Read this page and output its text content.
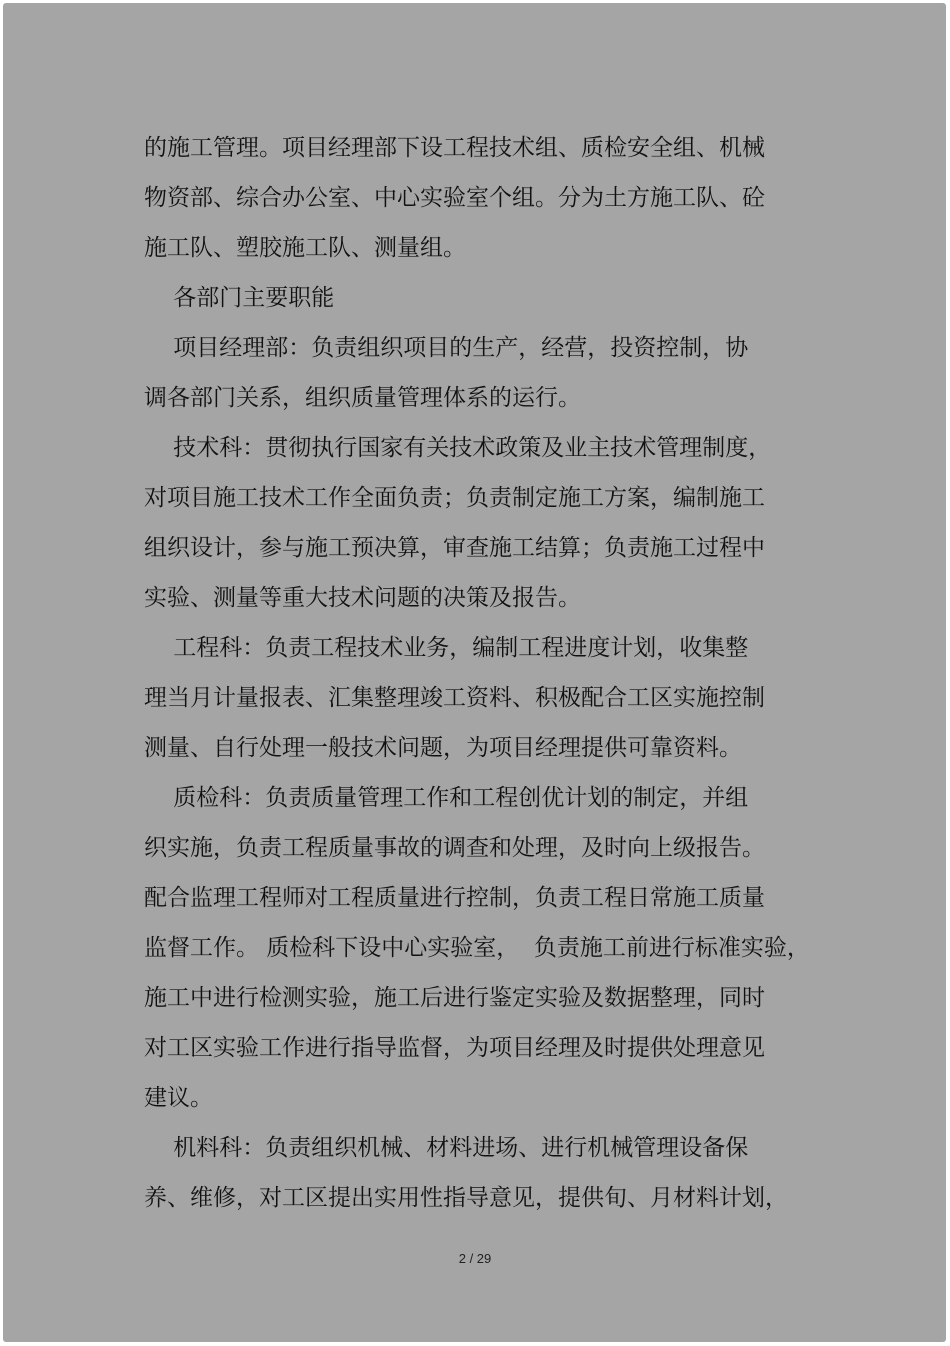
的施工管理。项目经理部下设工程技术组、质检安全组、机械

物资部、综合办公室、中心实验室个组。分为土方施工队、砼

施工队、塑胶施工队、测量组。

各部门主要职能

项目经理部：负责组织项目的生产，经营，投资控制，协

调各部门关系，组织质量管理体系的运行。

技术科：贯彻执行国家有关技术政策及业主技术管理制度，

对项目施工技术工作全面负责；负责制定施工方案，编制施工

组织设计，参与施工预决算，审查施工结算；负责施工过程中

实验、测量等重大技术问题的决策及报告。

工程科：负责工程技术业务，编制工程进度计划，收集整

理当月计量报表、汇集整理竣工资料、积极配合工区实施控制

测量、自行处理一般技术问题，为项目经理提供可靠资料。

质检科：负责质量管理工作和工程创优计划的制定，并组

织实施，负责工程质量事故的调查和处理，及时向上级报告。

配合监理工程师对工程质量进行控制，负责工程日常施工质量

监督工作。 质检科下设中心实验室，  负责施工前进行标准实验，

施工中进行检测实验，施工后进行鉴定实验及数据整理，同时

对工区实验工作进行指导监督，为项目经理及时提供处理意见

建议。

机料科：负责组织机械、材料进场、进行机械管理设备保

养、维修，对工区提出实用性指导意见，提供旬、月材料计划，

2 / 29
